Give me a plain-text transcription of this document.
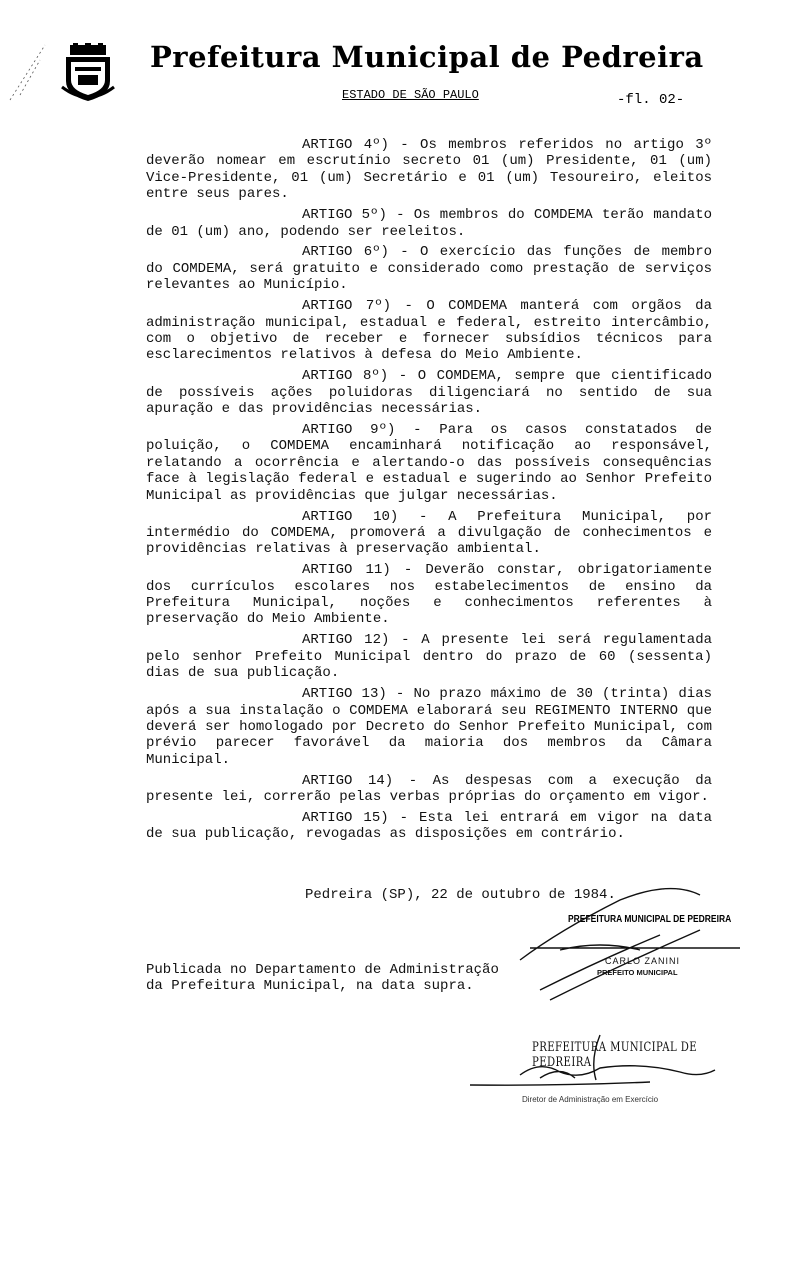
Prefeitura Municipal de Pedreira
ESTADO DE SÃO PAULO	-fl. 02-

ARTIGO 4º) - Os membros referidos no artigo 3º deverão nomear em escrutínio secreto 01 (um) Presidente, 01 (um) Vice-Presidente, 01 (um) Secretário e 01 (um) Tesoureiro, eleitos entre seus pares.

ARTIGO 5º) - Os membros do COMDEMA terão mandato de 01 (um) ano, podendo ser reeleitos.

ARTIGO 6º) - O exercício das funções de membro do COMDEMA, será gratuito e considerado como prestação de serviços relevantes ao Município.

ARTIGO 7º) - O COMDEMA manterá com orgãos da administração municipal, estadual e federal, estreito intercâmbio, com o objetivo de receber e fornecer subsídios técnicos para esclarecimentos relativos à defesa do Meio Ambiente.

ARTIGO 8º) - O COMDEMA, sempre que cientificado de possíveis ações poluidoras diligenciará no sentido de sua apuração e das providências necessárias.

ARTIGO 9º) - Para os casos constatados de poluição, o COMDEMA encaminhará notificação ao responsável, relatando a ocorrência e alertando-o das possíveis consequências face à legislação federal e estadual e sugerindo ao Senhor Prefeito Municipal as providências que julgar necessárias.

ARTIGO 10) - A Prefeitura Municipal, por intermédio do COMDEMA, promoverá a divulgação de conhecimentos e providências relativas à preservação ambiental.

ARTIGO 11) - Deverão constar, obrigatoriamente dos currículos escolares nos estabelecimentos de ensino da Prefeitura Municipal, noções e conhecimentos referentes à preservação do Meio Ambiente.

ARTIGO 12) - A presente lei será regulamentada pelo senhor Prefeito Municipal dentro do prazo de 60 (sessenta) dias de sua publicação.

ARTIGO 13) - No prazo máximo de 30 (trinta) dias após a sua instalação o COMDEMA elaborará seu REGIMENTO INTERNO que deverá ser homologado por Decreto do Senhor Prefeito Municipal, com prévio parecer favorável da maioria dos membros da Câmara Municipal.

ARTIGO 14) - As despesas com a execução da presente lei, correrão pelas verbas próprias do orçamento em vigor.

ARTIGO 15) - Esta lei entrará em vigor na data de sua publicação, revogadas as disposições em contrário.

Pedreira (SP), 22 de outubro de 1984.
Publicada no Departamento de Administração
da Prefeitura Municipal, na data supra.
PREFEITURA MUNICIPAL DE PEDREIRA
CARLO ZANINI
PREFEITO MUNICIPAL
PREFEITURA MUNICIPAL DE PEDREIRA
Diretor de Administração em Exercício
